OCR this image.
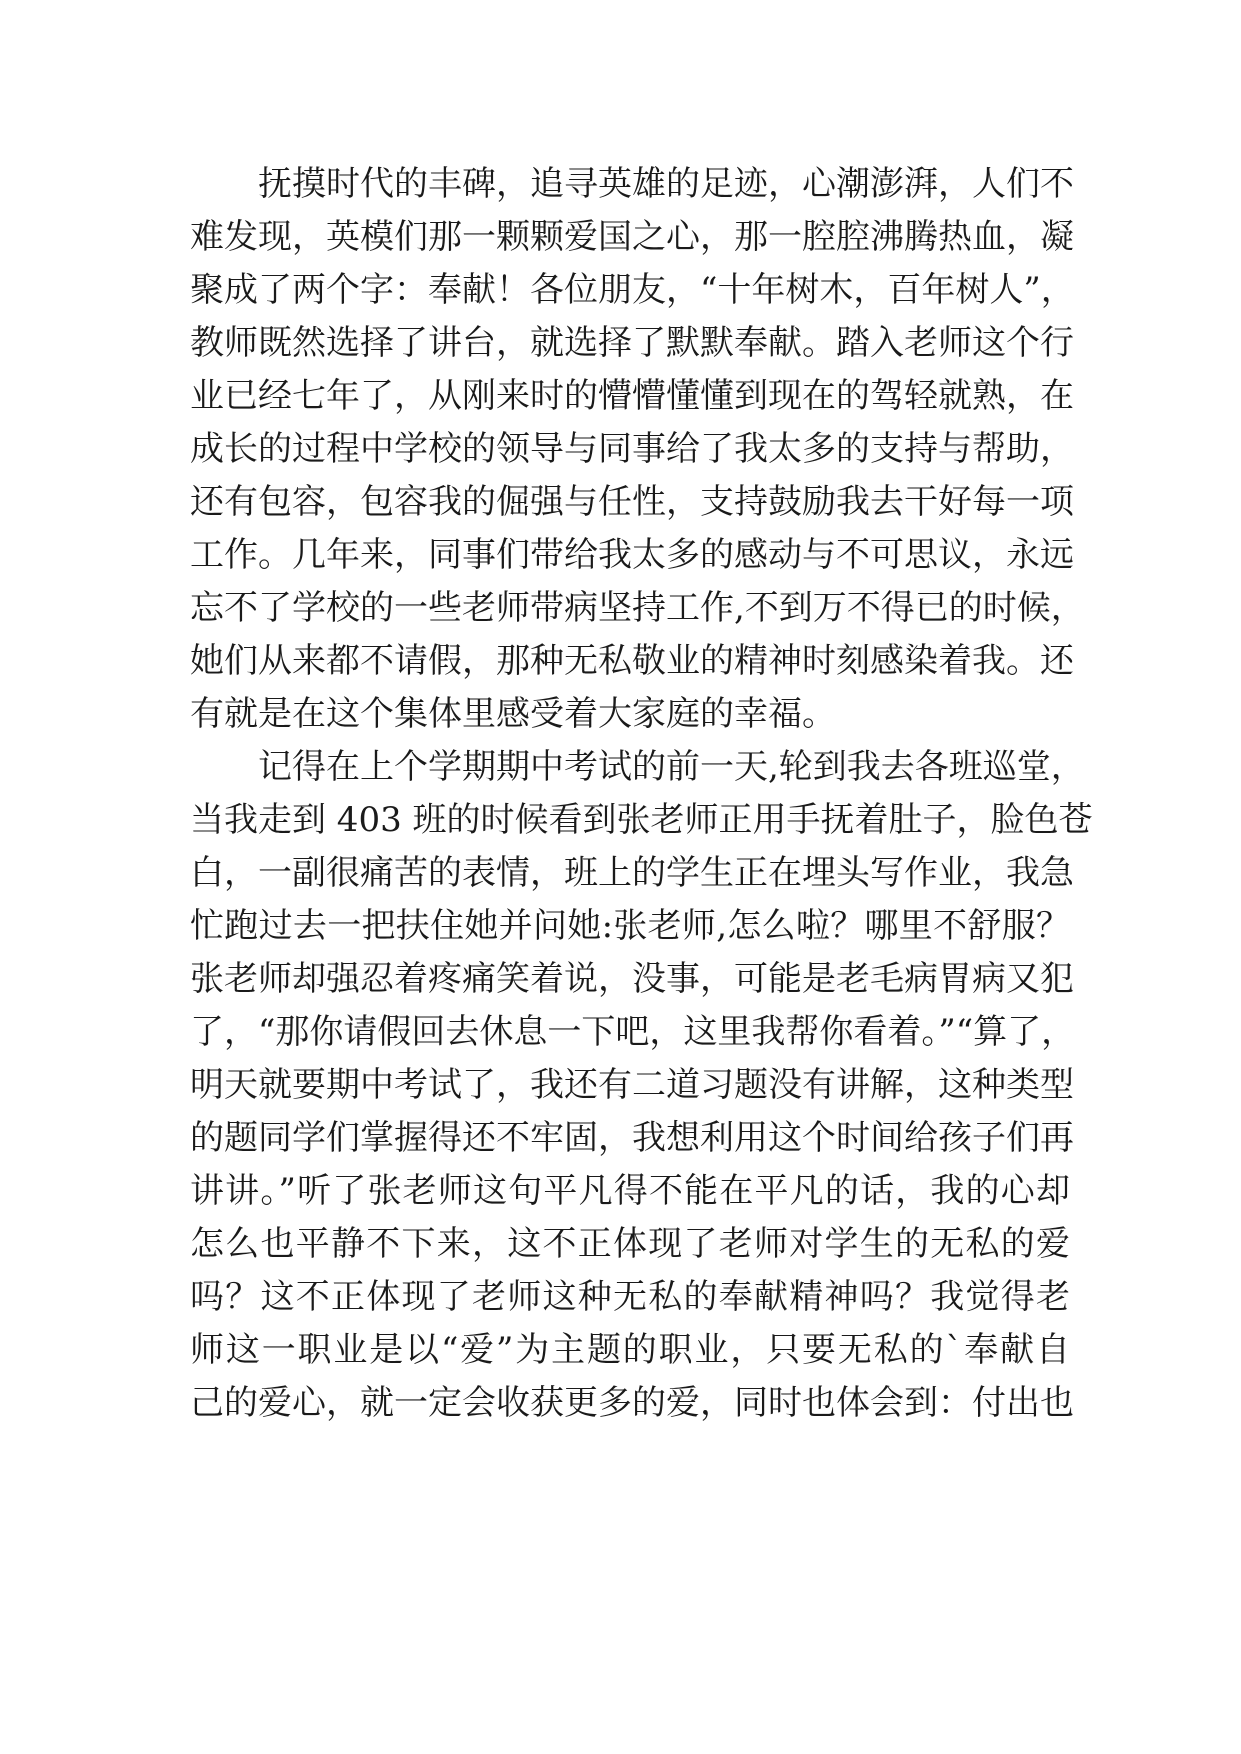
抚摸时代的丰碑，追寻英雄的足迹，心潮澎湃，人们不
难发现，英模们那一颗颗爱国之心，那一腔腔沸腾热血，凝
聚成了两个字：奉献！各位朋友，“十年树木，百年树人”，
教师既然选择了讲台，就选择了默默奉献。踏入老师这个行
业已经七年了，从刚来时的懵懵懂懂到现在的驾轻就熟，在
成长的过程中学校的领导与同事给了我太多的支持与帮助，
还有包容，包容我的倔强与任性，支持鼓励我去干好每一项
工作。几年来，同事们带给我太多的感动与不可思议，永远
忘不了学校的一些老师带病坚持工作,不到万不得已的时候，
她们从来都不请假，那种无私敬业的精神时刻感染着我。还
有就是在这个集体里感受着大家庭的幸福。
记得在上个学期期中考试的前一天,轮到我去各班巡堂，
当我走到 403 班的时候看到张老师正用手抚着肚子，脸色苍
白，一副很痛苦的表情，班上的学生正在埋头写作业，我急
忙跑过去一把扶住她并问她:张老师,怎么啦？哪里不舒服？
张老师却强忍着疼痛笑着说，没事，可能是老毛病胃病又犯
了，“那你请假回去休息一下吧，这里我帮你看着。”“算了，
明天就要期中考试了，我还有二道习题没有讲解，这种类型
的题同学们掌握得还不牢固，我想利用这个时间给孩子们再
讲讲。”听了张老师这句平凡得不能在平凡的话，我的心却
怎么也平静不下来，这不正体现了老师对学生的无私的爱
吗？这不正体现了老师这种无私的奉献精神吗？我觉得老
师这一职业是以“爱”为主题的职业，只要无私的`奉献自
己的爱心，就一定会收获更多的爱，同时也体会到：付出也
